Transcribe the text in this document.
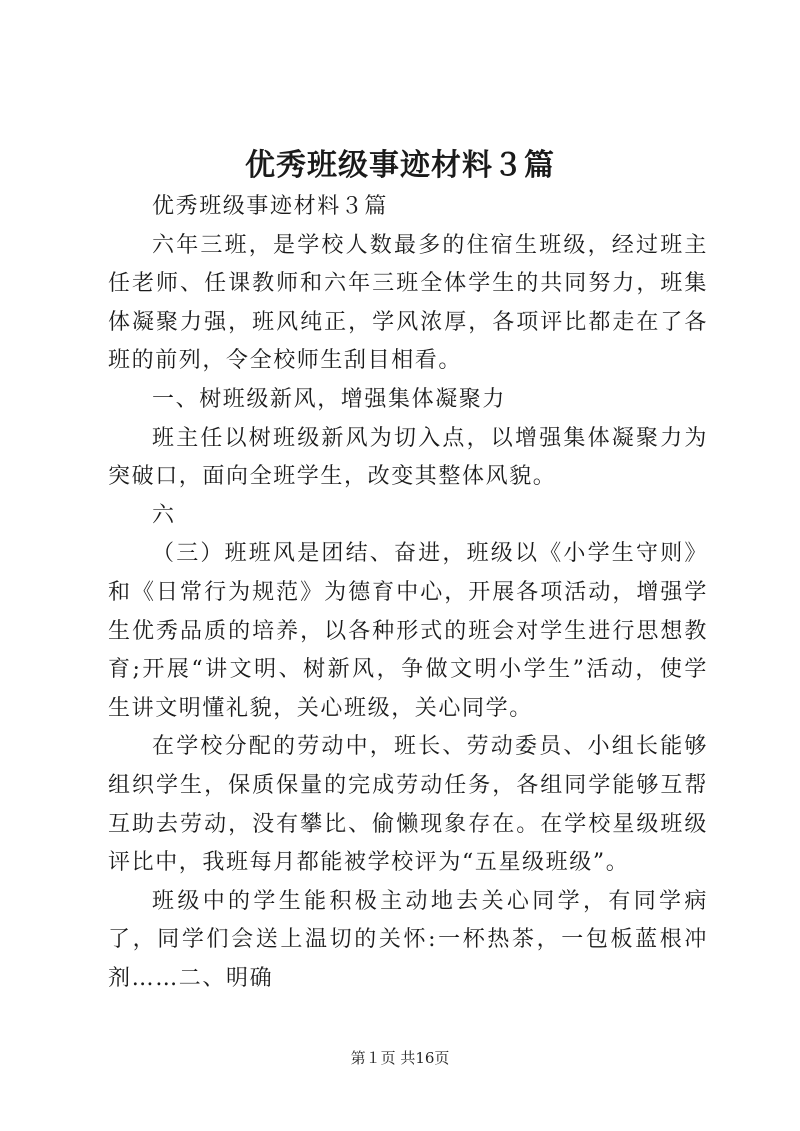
优秀班级事迹材料３篇

优秀班级事迹材料３篇

六年三班，是学校人数最多的住宿生班级，经过班主任老师、任课教师和六年三班全体学生的共同努力，班集体凝聚力强，班风纯正，学风浓厚，各项评比都走在了各班的前列，令全校师生刮目相看。

一、树班级新风，增强集体凝聚力

班主任以树班级新风为切入点，以增强集体凝聚力为突破口，面向全班学生，改变其整体风貌。

六

（三）班班风是团结、奋进，班级以《小学生守则》和《日常行为规范》为德育中心，开展各项活动，增强学生优秀品质的培养，以各种形式的班会对学生进行思想教育;开展“讲文明、树新风，争做文明小学生”活动，使学生讲文明懂礼貌，关心班级，关心同学。

在学校分配的劳动中，班长、劳动委员、小组长能够组织学生，保质保量的完成劳动任务，各组同学能够互帮互助去劳动，没有攀比、偷懒现象存在。在学校星级班级评比中，我班每月都能被学校评为“五星级班级”。

班级中的学生能积极主动地去关心同学，有同学病了，同学们会送上温切的关怀:一杯热茶，一包板蓝根冲剂……二、明确

第１页 共16页
